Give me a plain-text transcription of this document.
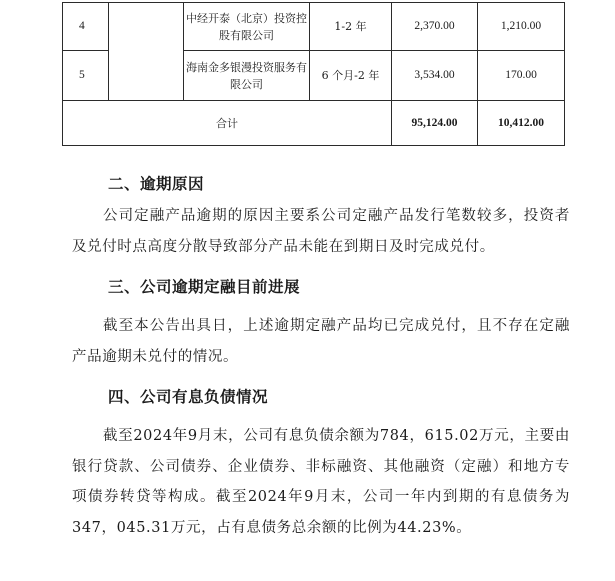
4		中经开泰（北京）投资控股有限公司	1-2 年	2,370.00	1,210.00
5		海南金多银漫投资服务有限公司	6 个月-2 年	3,534.00	170.00
合计				95,124.00	10,412.00
二、逾期原因

公司定融产品逾期的原因主要系公司定融产品发行笔数较多，投资者及兑付时点高度分散导致部分产品未能在到期日及时完成兑付。

三、公司逾期定融目前进展

截至本公告出具日，上述逾期定融产品均已完成兑付，且不存在定融产品逾期未兑付的情况。

四、公司有息负债情况

截至2024年9月末，公司有息负债余额为784，615.02万元，主要由银行贷款、公司债券、企业债券、非标融资、其他融资（定融）和地方专项债券转贷等构成。截至2024年9月末，公司一年内到期的有息债务为347，045.31万元，占有息债务总余额的比例为44.23%。
